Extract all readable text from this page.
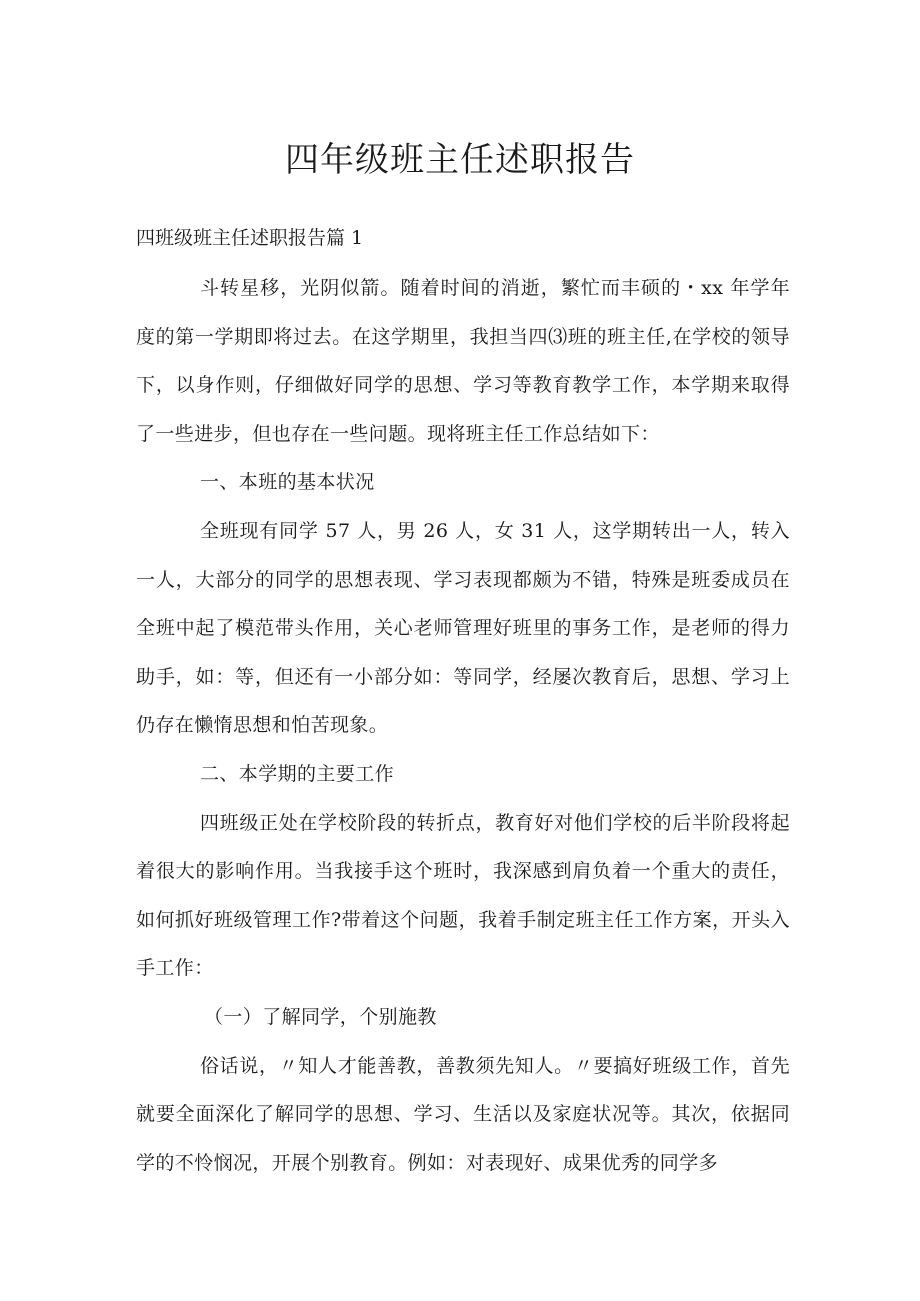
四年级班主任述职报告

四班级班主任述职报告篇 1

斗转星移，光阴似箭。随着时间的消逝，繁忙而丰硕的・xx 年学年度的第一学期即将过去。在这学期里，我担当四⑶班的班主任,在学校的领导下，以身作则，仔细做好同学的思想、学习等教育教学工作，本学期来取得了一些进步，但也存在一些问题。现将班主任工作总结如下：

一、本班的基本状况

全班现有同学 57 人，男 26 人，女 31 人，这学期转出一人，转入一人，大部分的同学的思想表现、学习表现都颇为不错，特殊是班委成员在全班中起了模范带头作用，关心老师管理好班里的事务工作，是老师的得力助手，如：等，但还有一小部分如：等同学，经屡次教育后，思想、学习上仍存在懒惰思想和怕苦现象。

二、本学期的主要工作

四班级正处在学校阶段的转折点，教育好对他们学校的后半阶段将起着很大的影响作用。当我接手这个班时，我深感到肩负着一个重大的责任，如何抓好班级管理工作?带着这个问题，我着手制定班主任工作方案，开头入手工作：

（一）了解同学，个别施教

俗话说，〃知人才能善教，善教须先知人。〃要搞好班级工作，首先就要全面深化了解同学的思想、学习、生活以及家庭状况等。其次，依据同学的不怜悯况，开展个别教育。例如：对表现好、成果优秀的同学多
